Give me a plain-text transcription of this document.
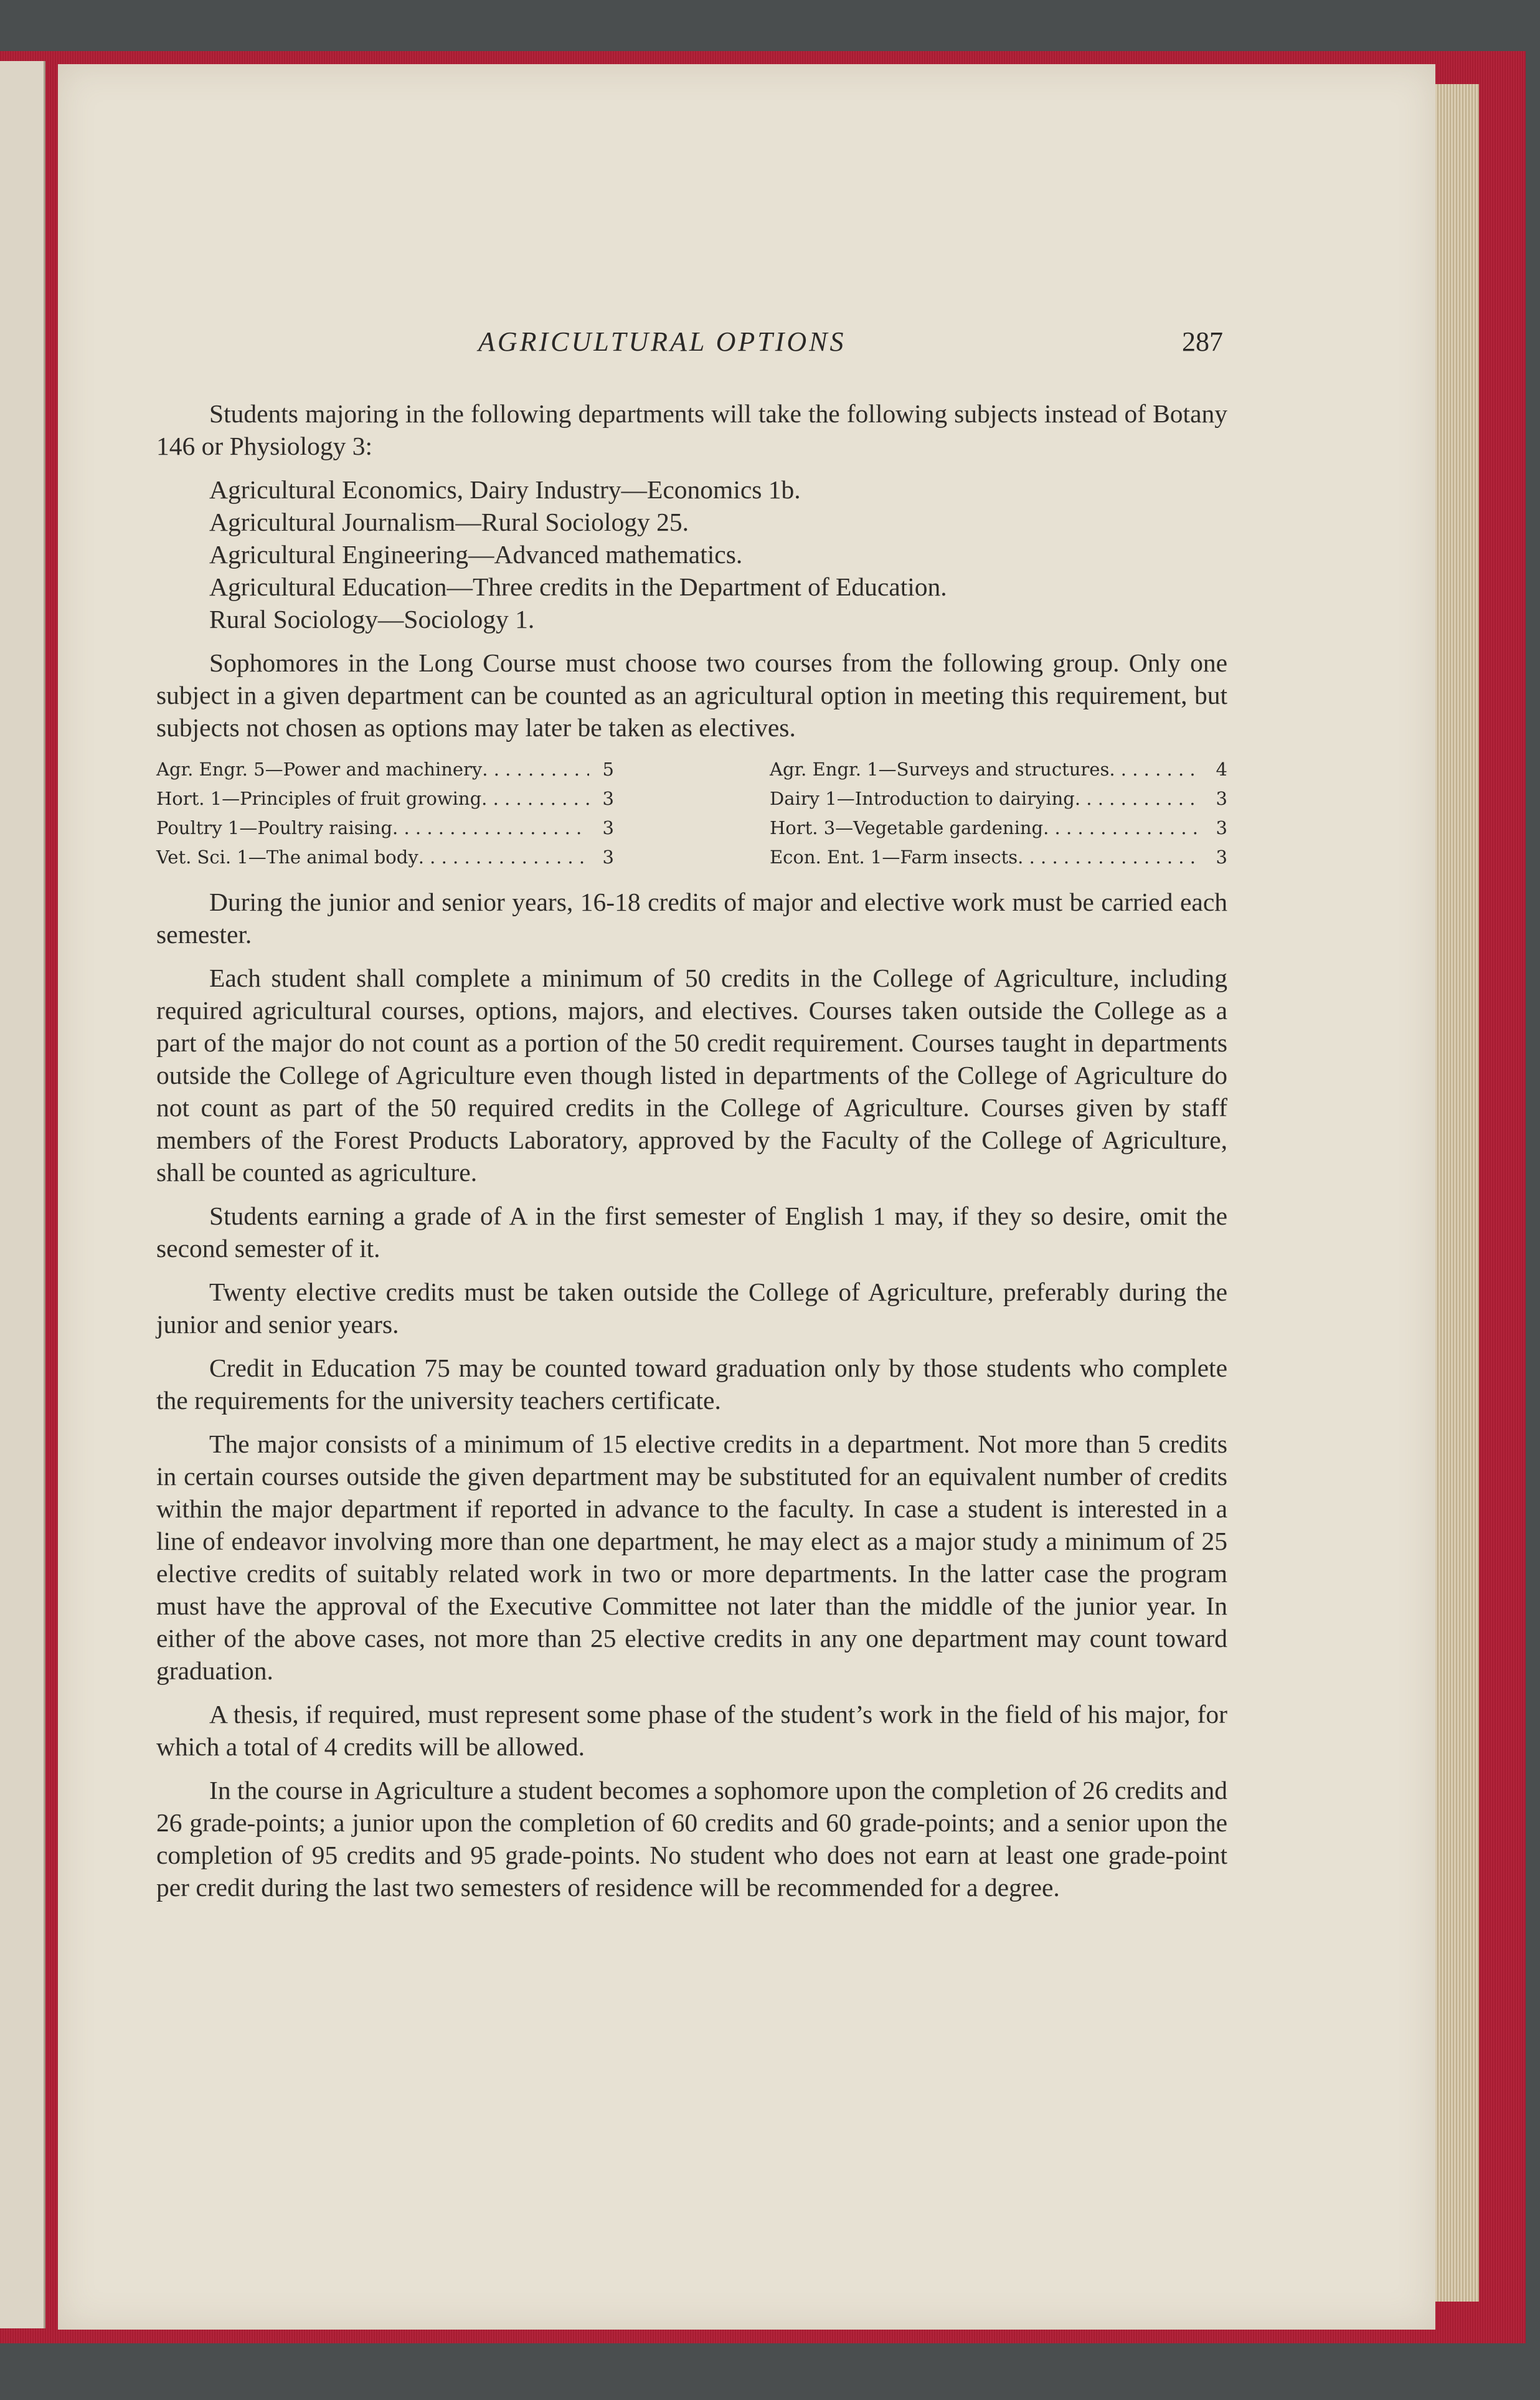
AGRICULTURAL OPTIONS	287

Students majoring in the following departments will take the following subjects instead of Botany 146 or Physiology 3:

Agricultural Economics, Dairy Industry—Economics 1b.
Agricultural Journalism—Rural Sociology 25.
Agricultural Engineering—Advanced mathematics.
Agricultural Education—Three credits in the Department of Education.
Rural Sociology—Sociology 1.

Sophomores in the Long Course must choose two courses from the following group. Only one subject in a given department can be counted as an agricultural option in meeting this requirement, but subjects not chosen as options may later be taken as electives.

Agr. Engr. 5—Power and machinery . . .	5
Hort. 1—Principles of fruit growing . . .	3
Poultry 1—Poultry raising . . .	3
Vet. Sci. 1—The animal body . . .	3
Agr. Engr. 1—Surveys and structures . . .	4
Dairy 1—Introduction to dairying . . .	3
Hort. 3—Vegetable gardening . . .	3
Econ. Ent. 1—Farm insects . . .	3

During the junior and senior years, 16-18 credits of major and elective work must be carried each semester.

Each student shall complete a minimum of 50 credits in the College of Agriculture, including required agricultural courses, options, majors, and electives. Courses taken outside the College as a part of the major do not count as a portion of the 50 credit requirement. Courses taught in departments outside the College of Agriculture even though listed in departments of the College of Agriculture do not count as part of the 50 required credits in the College of Agriculture. Courses given by staff members of the Forest Products Laboratory, approved by the Faculty of the College of Agriculture, shall be counted as agriculture.

Students earning a grade of A in the first semester of English 1 may, if they so desire, omit the second semester of it.

Twenty elective credits must be taken outside the College of Agriculture, preferably during the junior and senior years.

Credit in Education 75 may be counted toward graduation only by those students who complete the requirements for the university teachers certificate.

The major consists of a minimum of 15 elective credits in a department. Not more than 5 credits in certain courses outside the given department may be substituted for an equivalent number of credits within the major department if reported in advance to the faculty. In case a student is interested in a line of endeavor involving more than one department, he may elect as a major study a minimum of 25 elective credits of suitably related work in two or more departments. In the latter case the program must have the approval of the Executive Committee not later than the middle of the junior year. In either of the above cases, not more than 25 elective credits in any one department may count toward graduation.

A thesis, if required, must represent some phase of the student’s work in the field of his major, for which a total of 4 credits will be allowed.

In the course in Agriculture a student becomes a sophomore upon the completion of 26 credits and 26 grade-points; a junior upon the completion of 60 credits and 60 grade-points; and a senior upon the completion of 95 credits and 95 grade-points. No student who does not earn at least one grade-point per credit during the last two semesters of residence will be recommended for a degree.
